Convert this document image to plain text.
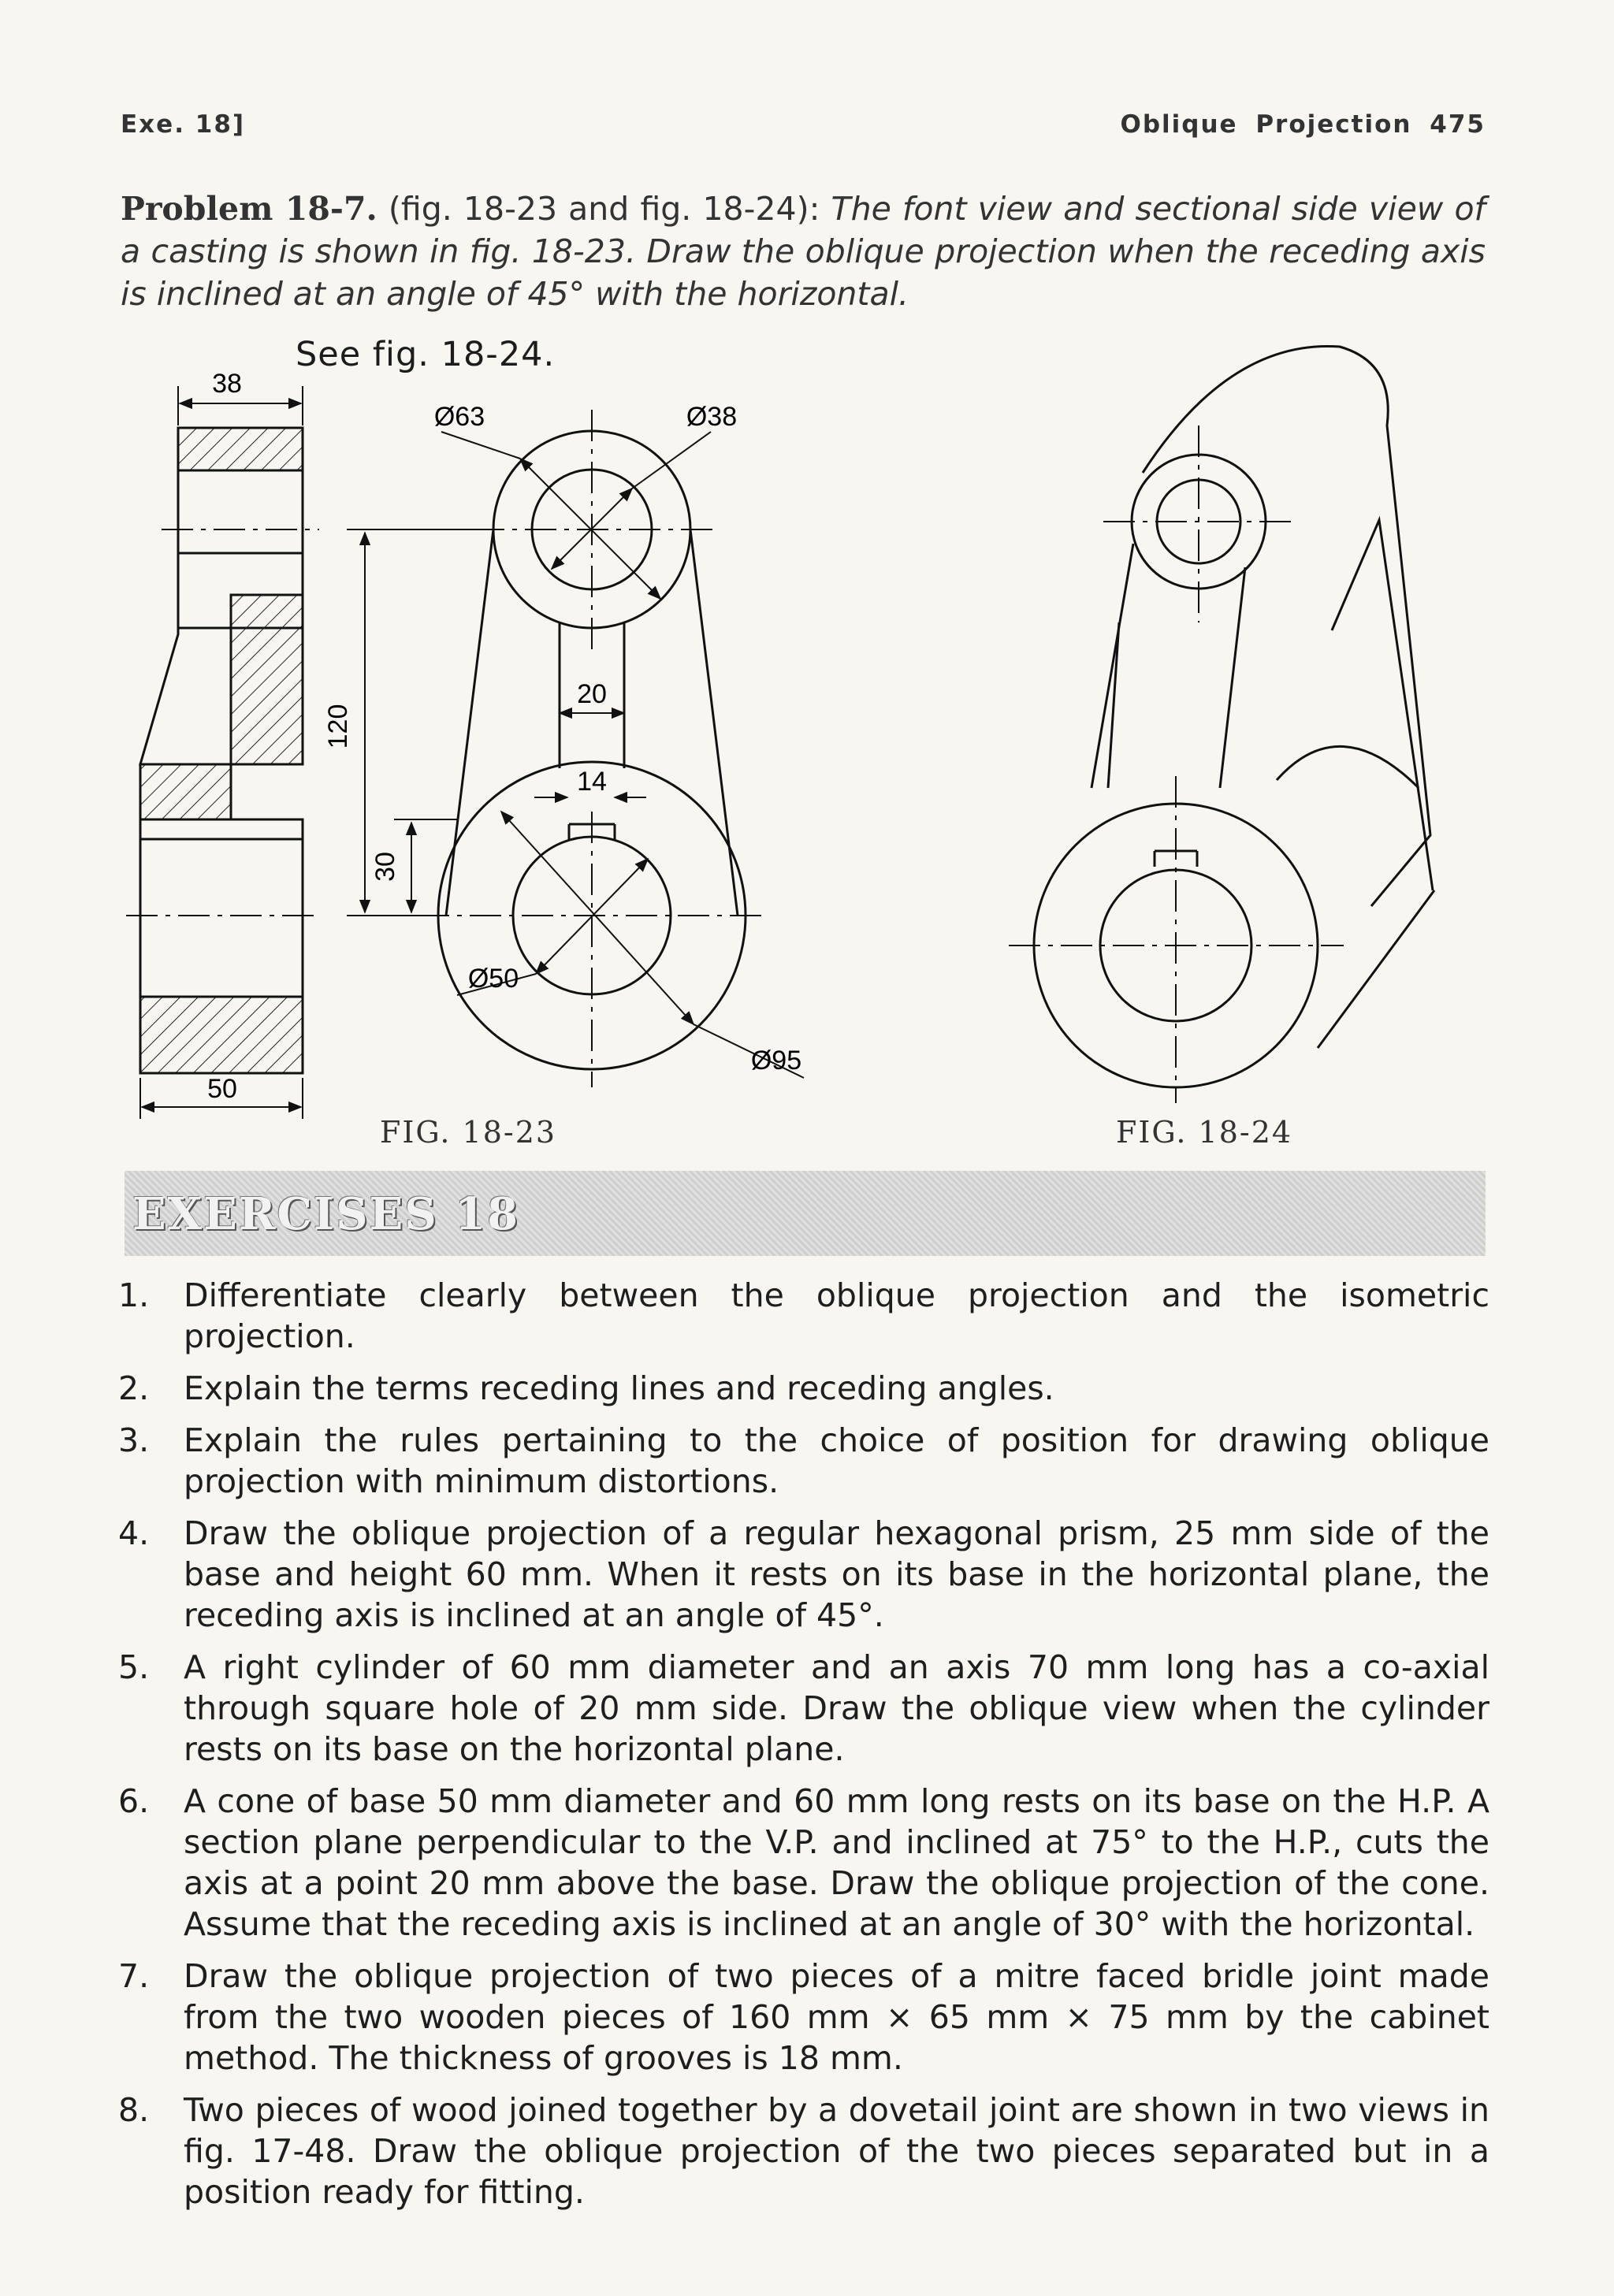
Exe. 18]	Oblique Projection 475
Problem 18-7. (fig. 18-23 and fig. 18-24): The font view and sectional side view of a casting is shown in fig. 18-23. Draw the oblique projection when the receding axis is inclined at an angle of 45° with the horizontal.
See fig. 18-24.
38
50
120
30
20
14
Ø63	Ø38
Ø50
Ø95
FIG. 18-23	FIG. 18-24
EXERCISES 18
1.	Differentiate clearly between the oblique projection and the isometric projection.
2.	Explain the terms receding lines and receding angles.
3.	Explain the rules pertaining to the choice of position for drawing oblique projection with minimum distortions.
4.	Draw the oblique projection of a regular hexagonal prism, 25 mm side of the base and height 60 mm. When it rests on its base in the horizontal plane, the receding axis is inclined at an angle of 45°.
5.	A right cylinder of 60 mm diameter and an axis 70 mm long has a co-axial through square hole of 20 mm side. Draw the oblique view when the cylinder rests on its base on the horizontal plane.
6.	A cone of base 50 mm diameter and 60 mm long rests on its base on the H.P. A section plane perpendicular to the V.P. and inclined at 75° to the H.P., cuts the axis at a point 20 mm above the base. Draw the oblique projection of the cone. Assume that the receding axis is inclined at an angle of 30° with the horizontal.
7.	Draw the oblique projection of two pieces of a mitre faced bridle joint made from the two wooden pieces of 160 mm × 65 mm × 75 mm by the cabinet method. The thickness of grooves is 18 mm.
8.	Two pieces of wood joined together by a dovetail joint are shown in two views in fig. 17-48. Draw the oblique projection of the two pieces separated but in a position ready for fitting.
